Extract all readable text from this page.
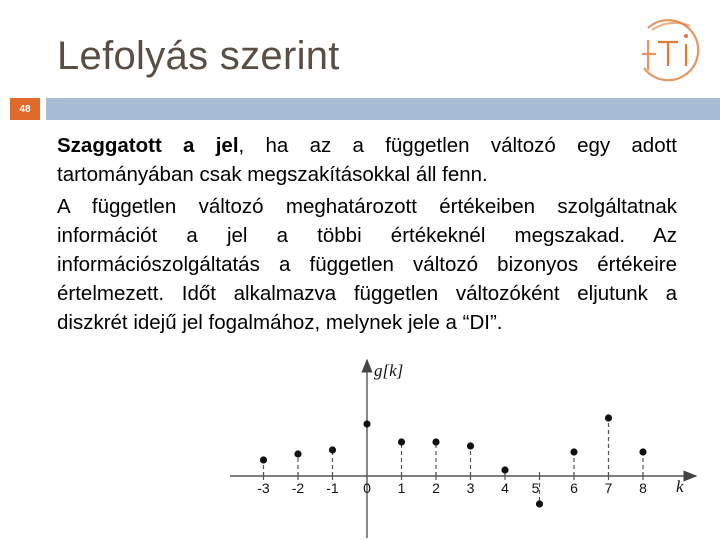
Lefolyás szerint
48

Szaggatott a jel, ha az a független változó egy adott tartományában csak megszakításokkal áll fenn.

A független változó meghatározott értékeiben szolgáltatnak információt a jel a többi értékeknél megszakad. Az információszolgáltatás a független változó bizonyos értékeire értelmezett. Időt alkalmazva független változóként eljutunk a diszkrét idejű jel fogalmához, melynek jele a “DI”.

g[k]
k
-3 -2 -1 0 1 2 3 4 5 6 7 8
